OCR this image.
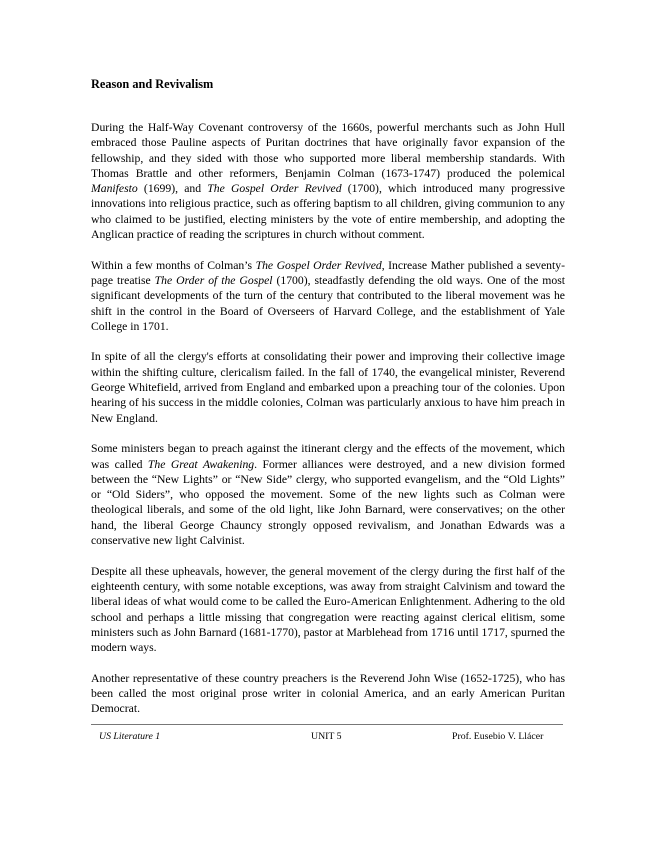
Reason and Revivalism

During the Half-Way Covenant controversy of the 1660s, powerful merchants such as John Hull embraced those Pauline aspects of Puritan doctrines that have originally favor expansion of the fellowship, and they sided with those who supported more liberal membership standards. With Thomas Brattle and other reformers, Benjamin Colman (1673-1747) produced the polemical Manifesto (1699), and The Gospel Order Revived (1700), which introduced many progressive innovations into religious practice, such as offering baptism to all children, giving communion to any who claimed to be justified, electing ministers by the vote of entire membership, and adopting the Anglican practice of reading the scriptures in church without comment.

Within a few months of Colman’s The Gospel Order Revived, Increase Mather published a seventy-page treatise The Order of the Gospel (1700), steadfastly defending the old ways. One of the most significant developments of the turn of the century that contributed to the liberal movement was he shift in the control in the Board of Overseers of Harvard College, and the establishment of Yale College in 1701.

In spite of all the clergy's efforts at consolidating their power and improving their collective image within the shifting culture, clericalism failed. In the fall of 1740, the evangelical minister, Reverend George Whitefield, arrived from England and embarked upon a preaching tour of the colonies. Upon hearing of his success in the middle colonies, Colman was particularly anxious to have him preach in New England.

Some ministers began to preach against the itinerant clergy and the effects of the movement, which was called The Great Awakening. Former alliances were destroyed, and a new division formed between the “New Lights” or “New Side” clergy, who supported evangelism, and the “Old Lights” or “Old Siders”, who opposed the movement. Some of the new lights such as Colman were theological liberals, and some of the old light, like John Barnard, were conservatives; on the other hand, the liberal George Chauncy strongly opposed revivalism, and Jonathan Edwards was a conservative new light Calvinist.

Despite all these upheavals, however, the general movement of the clergy during the first half of the eighteenth century, with some notable exceptions, was away from straight Calvinism and toward the liberal ideas of what would come to be called the Euro-American Enlightenment. Adhering to the old school and perhaps a little missing that congregation were reacting against clerical elitism, some ministers such as John Barnard (1681-1770), pastor at Marblehead from 1716 until 1717, spurned the modern ways.

Another representative of these country preachers is the Reverend John Wise (1652-1725), who has been called the most original prose writer in colonial America, and an early American Puritan Democrat.

US Literature 1	UNIT 5	Prof. Eusebio V. Llácer
